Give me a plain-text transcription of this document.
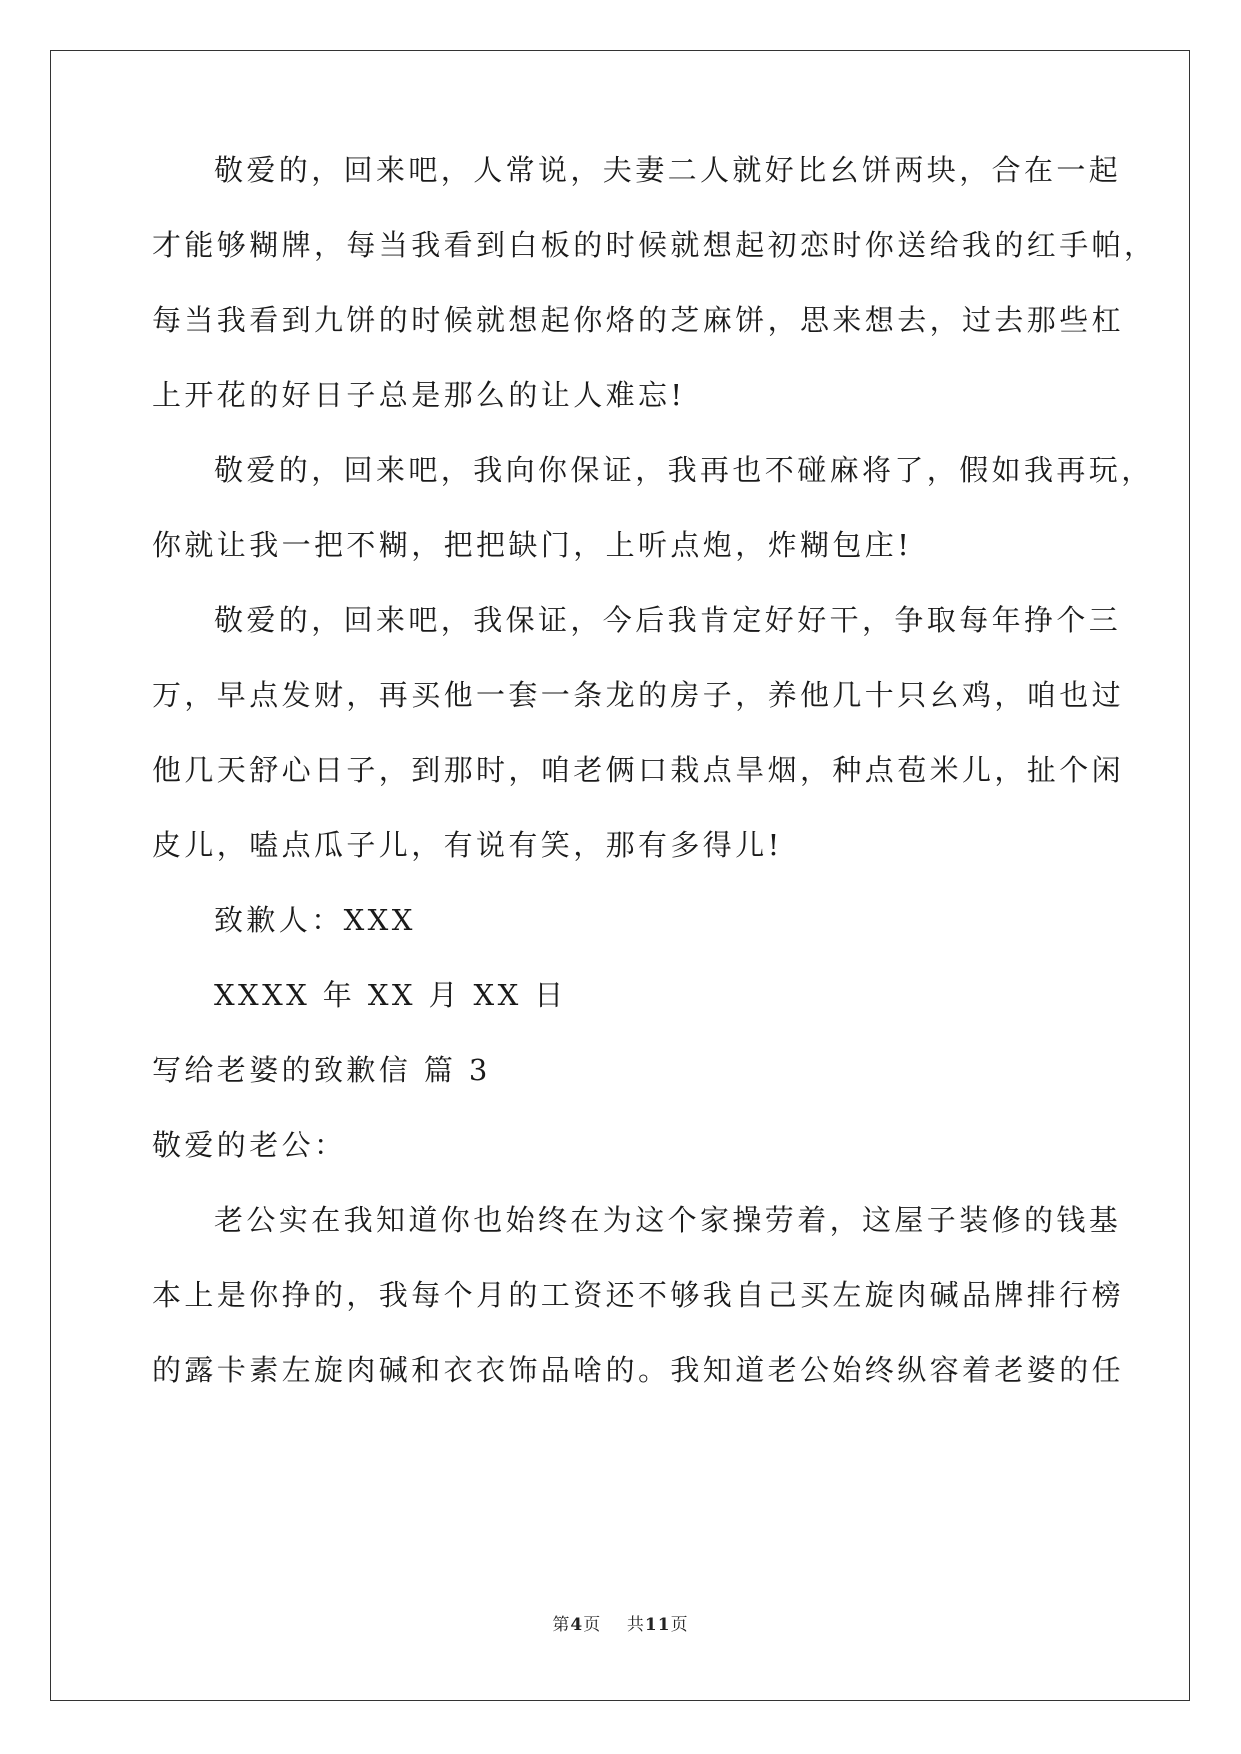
敬爱的，回来吧，人常说，夫妻二人就好比幺饼两块，合在一起
才能够糊牌，每当我看到白板的时候就想起初恋时你送给我的红手帕，
每当我看到九饼的时候就想起你烙的芝麻饼，思来想去，过去那些杠
上开花的好日子总是那么的让人难忘!
敬爱的，回来吧，我向你保证，我再也不碰麻将了，假如我再玩，
你就让我一把不糊，把把缺门，上听点炮，炸糊包庄!
敬爱的，回来吧，我保证，今后我肯定好好干，争取每年挣个三
万，早点发财，再买他一套一条龙的房子，养他几十只幺鸡，咱也过
他几天舒心日子，到那时，咱老俩口栽点旱烟，种点苞米儿，扯个闲
皮儿，嗑点瓜子儿，有说有笑，那有多得儿!
致歉人：XXX
XXXX 年 XX 月 XX 日
写给老婆的致歉信 篇 3
敬爱的老公：
老公实在我知道你也始终在为这个家操劳着，这屋子装修的钱基
本上是你挣的，我每个月的工资还不够我自己买左旋肉碱品牌排行榜
的露卡素左旋肉碱和衣衣饰品啥的。我知道老公始终纵容着老婆的任
第4页    共11页
